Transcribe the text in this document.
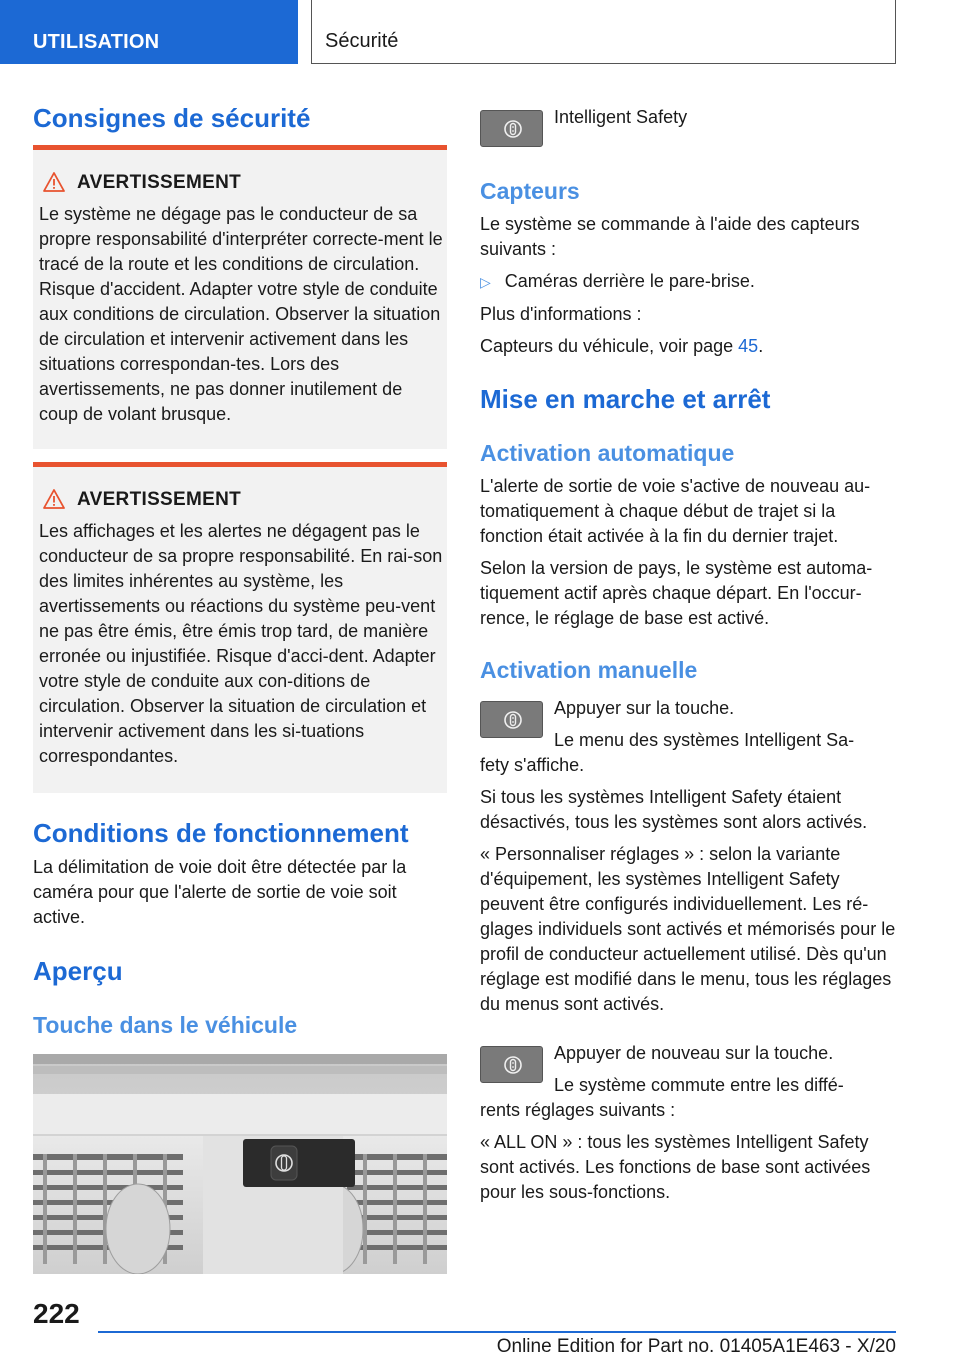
UTILISATION	Sécurité
Consignes de sécurité
AVERTISSEMENT
Le système ne dégage pas le conducteur de sa propre responsabilité d'interpréter correcte-ment le tracé de la route et les conditions de circulation. Risque d'accident. Adapter votre style de conduite aux conditions de circulation. Observer la situation de circulation et intervenir activement dans les situations correspondan-tes. Lors des avertissements, ne pas donner inutilement de coup de volant brusque.
AVERTISSEMENT
Les affichages et les alertes ne dégagent pas le conducteur de sa propre responsabilité. En rai-son des limites inhérentes au système, les avertissements ou réactions du système peu-vent ne pas être émis, être émis trop tard, de manière erronée ou injustifiée. Risque d'acci-dent. Adapter votre style de conduite aux con-ditions de circulation. Observer la situation de circulation et intervenir activement dans les si-tuations correspondantes.
Conditions de fonctionnement
La délimitation de voie doit être détectée par la caméra pour que l'alerte de sortie de voie soit active.
Aperçu
Touche dans le véhicule
Intelligent Safety
Capteurs
Le système se commande à l'aide des capteurs suivants :
▷ Caméras derrière le pare-brise.
Plus d'informations :
Capteurs du véhicule, voir page 45.
Mise en marche et arrêt
Activation automatique
L'alerte de sortie de voie s'active de nouveau au-tomatiquement à chaque début de trajet si la fonction était activée à la fin du dernier trajet.
Selon la version de pays, le système est automa-tiquement actif après chaque départ. En l'occur-rence, le réglage de base est activé.
Activation manuelle
Appuyer sur la touche.
Le menu des systèmes Intelligent Sa-
fety s'affiche.
Si tous les systèmes Intelligent Safety étaient désactivés, tous les systèmes sont alors activés.
« Personnaliser réglages » : selon la variante d'équipement, les systèmes Intelligent Safety peuvent être configurés individuellement. Les ré-glages individuels sont activés et mémorisés pour le profil de conducteur actuellement utilisé. Dès qu'un réglage est modifié dans le menu, tous les réglages du menus sont activés.
Appuyer de nouveau sur la touche.
Le système commute entre les diffé-
rents réglages suivants :
« ALL ON » : tous les systèmes Intelligent Safety sont activés. Les fonctions de base sont activées pour les sous-fonctions.
222
Online Edition for Part no. 01405A1E463 - X/20
